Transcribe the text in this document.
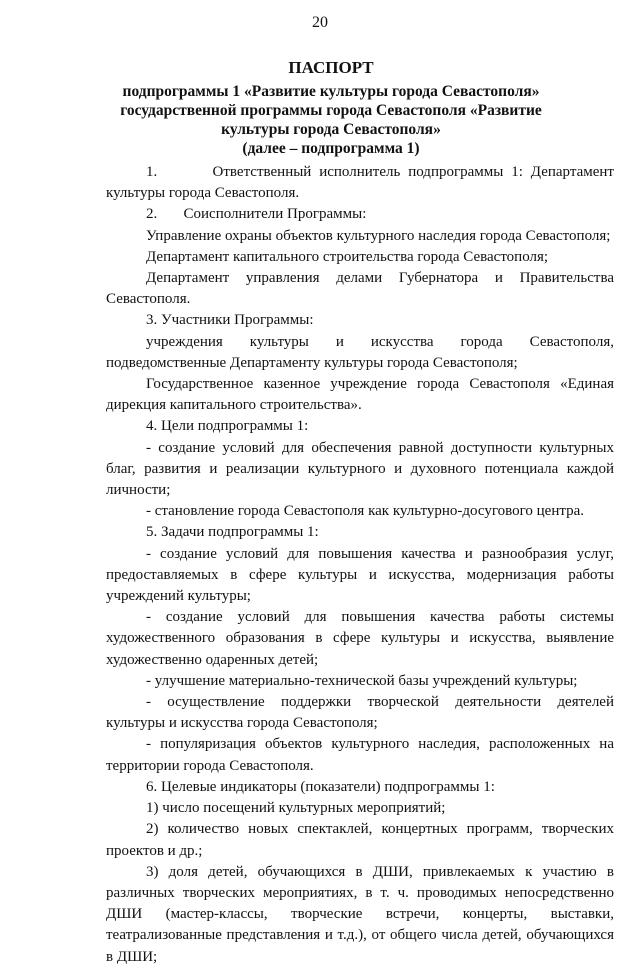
20
ПАСПОРТ
подпрограммы 1 «Развитие культуры города Севастополя»
государственной программы города Севастополя «Развитие
культуры города Севастополя»
(далее – подпрограмма 1)
1.       Ответственный исполнитель подпрограммы 1: Департамент культуры города Севастополя.
2.       Соисполнители Программы:
Управление охраны объектов культурного наследия города Севастополя;
Департамент капитального строительства города Севастополя;
Департамент управления делами Губернатора и Правительства Севастополя.
3. Участники Программы:
учреждения культуры и искусства города Севастополя, подведомственные Департаменту культуры города Севастополя;
Государственное казенное учреждение города Севастополя «Единая дирекция капитального строительства».
4. Цели подпрограммы 1:
- создание условий для обеспечения равной доступности культурных благ, развития и реализации культурного и духовного потенциала каждой личности;
- становление города Севастополя как культурно-досугового центра.
5. Задачи подпрограммы 1:
- создание условий для повышения качества и разнообразия услуг, предоставляемых в сфере культуры и искусства, модернизация работы учреждений культуры;
- создание условий для повышения качества работы системы художественного образования в сфере культуры и искусства, выявление художественно одаренных детей;
- улучшение материально-технической базы учреждений культуры;
- осуществление поддержки творческой деятельности деятелей культуры и искусства города Севастополя;
- популяризация объектов культурного наследия, расположенных на территории города Севастополя.
6. Целевые индикаторы (показатели) подпрограммы 1:
1) число посещений культурных мероприятий;
2) количество новых спектаклей, концертных программ, творческих проектов и др.;
3) доля детей, обучающихся в ДШИ, привлекаемых к участию в различных творческих мероприятиях, в т. ч. проводимых непосредственно ДШИ (мастер-классы, творческие встречи, концерты, выставки, театрализованные представления и т.д.), от общего числа детей, обучающихся в ДШИ;
